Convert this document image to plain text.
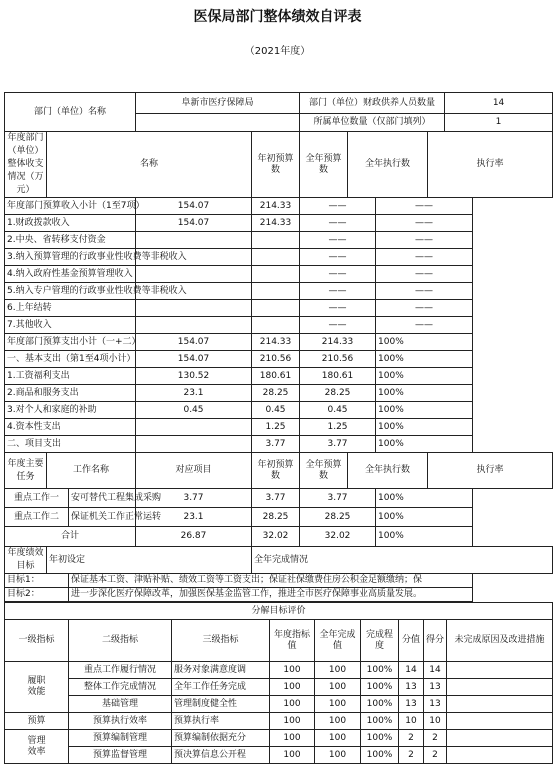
医保局部门整体绩效自评表
（2021年度）
部门（单位）名称			阜新市医疗保障局		部门（单位）财政供养人员数量				14
					所属单位数量（仅部门填列）				1
年度部门（单位）整体收支情况（万元）	名称			年初预算数	全年预算数	全年执行数		执行率	
年度部门预算收入小计（1至7项）			154.07	214.33	——		——		
1.财政拨款收入			154.07	214.33	——		——		
2.中央、省转移支付资金					——		——		
3.纳入预算管理的行政事业性收费等非税收入					——		——		
4.纳入政府性基金预算管理收入					——		——		
5.纳入专户管理的行政事业性收费等非税收入					——		——		
6.上年结转					——		——		
7.其他收入					——		——		
年度部门预算支出小计（一+二）			154.07	214.33	214.33		100%		
一、基本支出（第1至4项小计）			154.07	210.56	210.56		100%		
1.工资福利支出			130.52	180.61	180.61		100%		
2.商品和服务支出			23.1	28.25	28.25		100%		
3.对个人和家庭的补助			0.45	0.45	0.45		100%		
4.资本性支出				1.25	1.25		100%		
二、项目支出				3.77	3.77		100%		
年度主要任务	工作名称		对应项目	年初预算数	全年预算数	全年执行数		执行率	
重点工作一		安可替代工程集成采购	3.77	3.77	3.77		100%		
重点工作二		保证机关工作正常运转	23.1	28.25	28.25		100%		
合计			26.87	32.02	32.02		100%		
年度绩效目标	年初设定			全年完成情况					
目标1：		保证基本工资、津贴补贴、绩效工资等工资支出；保证社保缴费住房公积金足额缴纳；保							
目标2：		进一步深化医疗保障改革，加强医保基金监管工作，推进全市医疗保障事业高质量发展。							
分解目标评价								
一级指标	二级指标	三级指标	年度指标值	全年完成值	完成程度	分值	得分	未完成原因及改进措施

履职
效能	重点工作履行情况	服务对象满意度调	100	100	100%	14	14	
	整体工作完成情况	全年工作任务完成	100	100	100%	13	13	
	基础管理	管理制度健全性	100	100	100%	13	13	
预算	预算执行效率	预算执行率	100	100	100%	10	10	

管理
效率	预算编制管理	预算编制依据充分	100	100	100%	2	2	
	预算监督管理	预决算信息公开程	100	100	100%	2	2	
